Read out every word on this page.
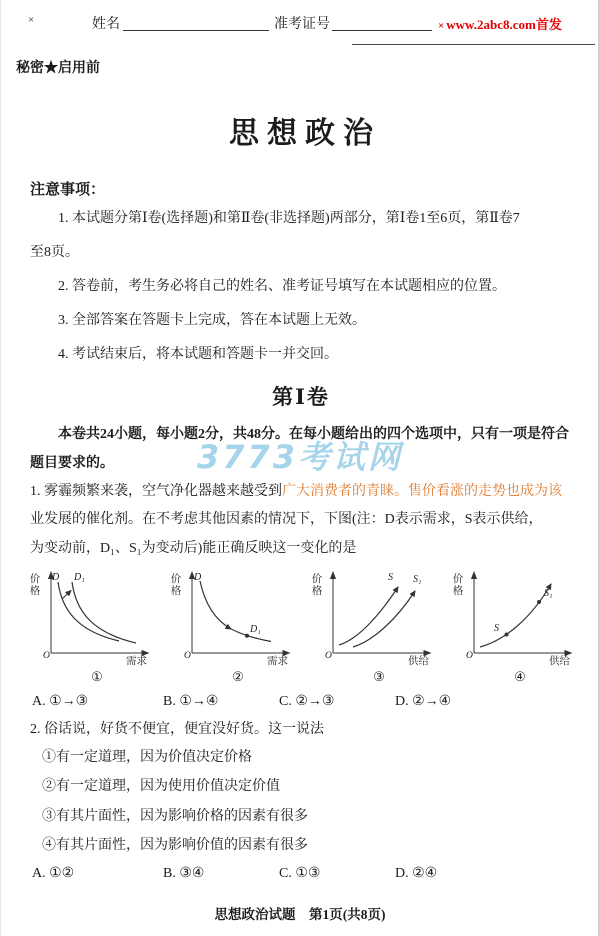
×	姓名	准考证号	× www.2abc8.com首发
秘密★启用前
3773考试网
思想政治
注意事项：

1. 本试题分第Ⅰ卷(选择题)和第Ⅱ卷(非选择题)两部分，第Ⅰ卷1至6页，第Ⅱ卷7

至8页。

2. 答卷前，考生务必将自己的姓名、准考证号填写在本试题相应的位置。

3. 全部答案在答题卡上完成，答在本试题上无效。

4. 考试结束后，将本试题和答题卡一并交回。

第Ⅰ卷

本卷共24小题，每小题2分，共48分。在每小题给出的四个选项中，只有一项是符合

题目要求的。

1. 雾霾频繁来袭，空气净化器越来越受到广大消费者的青睐。售价看涨的走势也成为该

业发展的催化剂。在不考虑其他因素的情况下，下图(注：D表示需求，S表示供给，

为变动前，D₁、S₁为变动后)能正确反映这一变化的是

价格
D D₁
O	需求
①
价格
D
D₁
O	需求
②
价格
S S₁
O	供给
③
价格
S
S₁
O	供给
④
A. ①→③	B. ①→④	C. ②→③	D. ②→④

2. 俗话说，好货不便宜，便宜没好货。这一说法

①有一定道理，因为价值决定价格

②有一定道理，因为使用价值决定价值

③有其片面性，因为影响价格的因素有很多

④有其片面性，因为影响价值的因素有很多

A. ①②	B. ③④	C. ①③	D. ②④
思想政治试题　第1页(共8页)
